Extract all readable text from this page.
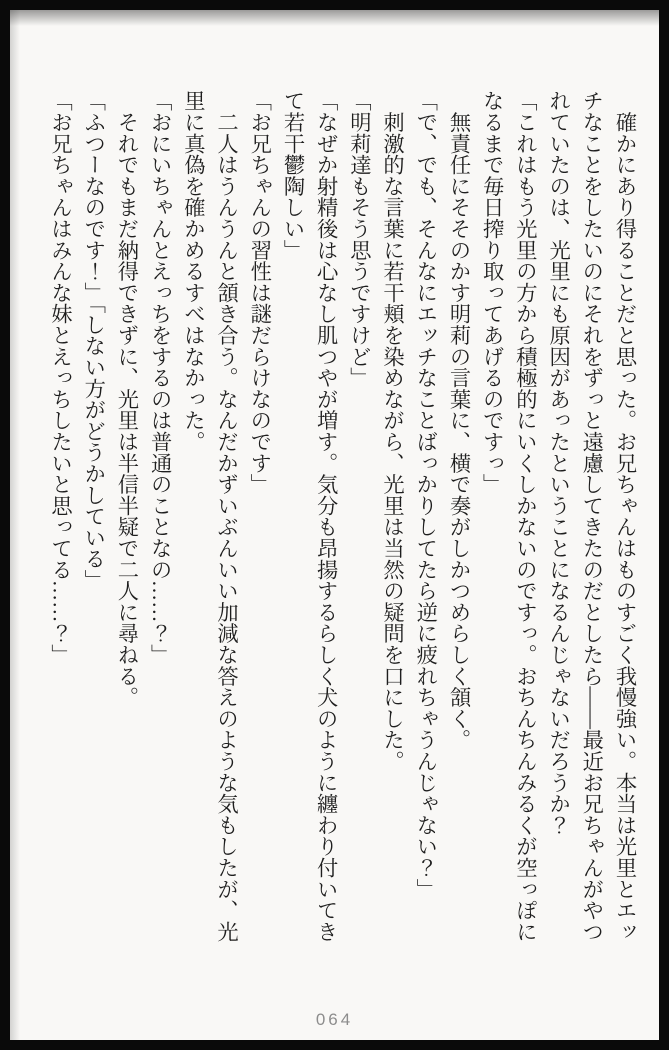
　確かにあり得ることだと思った。お兄ちゃんはものすごく我慢強い。本当は光里とエッ

チなことをしたいのにそれをずっと遠慮してきたのだとしたら――最近お兄ちゃんがやつ

れていたのは、光里にも原因があったということになるんじゃないだろうか？

「これはもう光里の方から積極的にいくしかないのですっ。おちんちんみるくが空っぽに

なるまで毎日搾り取ってあげるのですっ」

　無責任にそそのかす明莉の言葉に、横で奏がしかつめらしく頷く。

「で、でも、そんなにエッチなことばっかりしてたら逆に疲れちゃうんじゃない？」

　刺激的な言葉に若干頬を染めながら、光里は当然の疑問を口にした。

「明莉達もそう思うですけど」

「なぜか射精後は心なし肌つやが増す。気分も昂揚するらしく犬のように纏わり付いてき

て若干鬱陶しい」

「お兄ちゃんの習性は謎だらけなのです」

　二人はうんうんと頷き合う。なんだかずいぶんいい加減な答えのような気もしたが、光

里に真偽を確かめるすべはなかった。

「おにいちゃんとえっちをするのは普通のことなの……？」

　それでもまだ納得できずに、光里は半信半疑で二人に尋ねる。

「ふつーなのです！」「しない方がどうかしている」

「お兄ちゃんはみんな妹とえっちしたいと思ってる……？」

064
